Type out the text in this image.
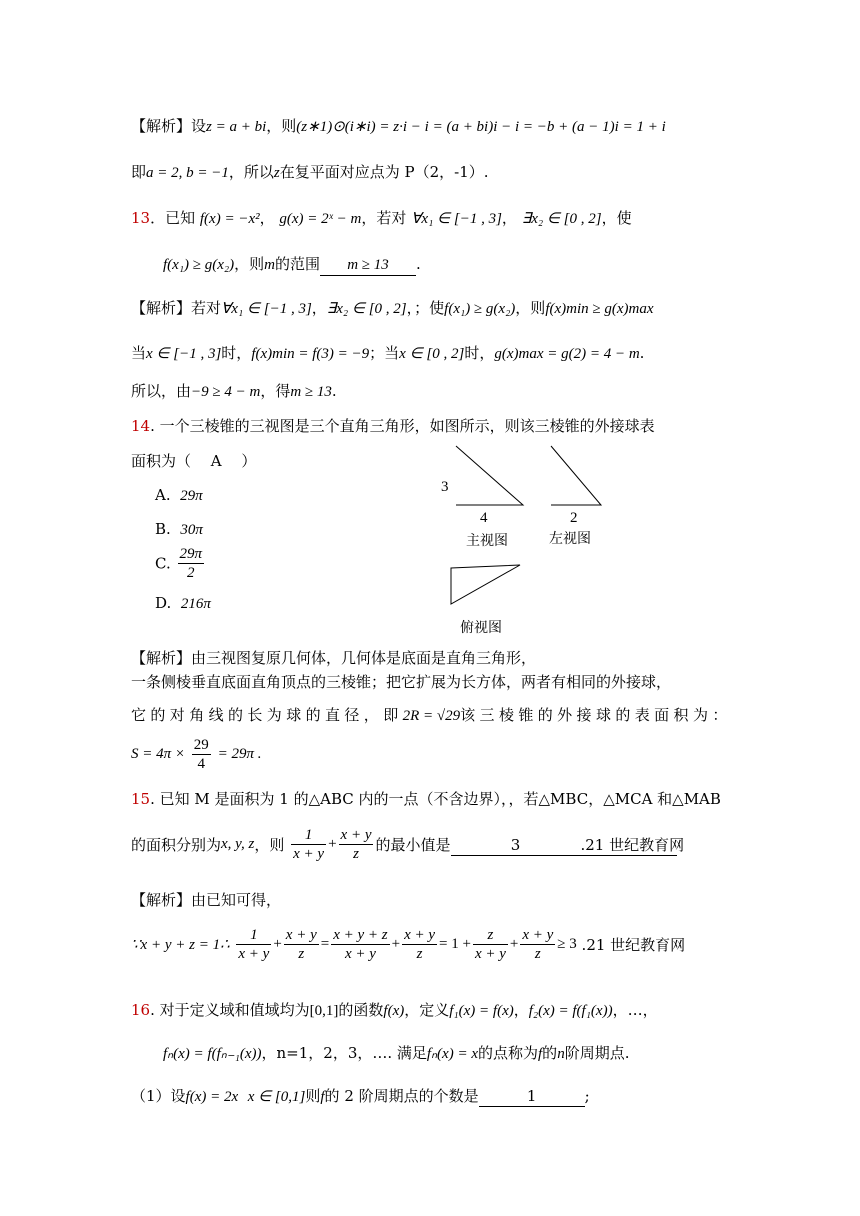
【解析】设z = a + bi，则(z∗1)⊙(i∗i) = z·i − i = (a + bi)i − i = −b + (a − 1)i = 1 + i
即a = 2, b = −1，所以z在复平面对应点为 P（2，-1）.
13．已知 f(x) = −x²， g(x) = 2ˣ − m，若对 ∀x₁ ∈ [−1 , 3]， ∃x₂ ∈ [0 , 2]，使
f(x₁) ≥ g(x₂)，则m的范围 m ≥ 13 .
【解析】若对∀x₁ ∈ [−1 , 3]，∃x₂ ∈ [0 , 2]，；使f(x₁) ≥ g(x₂)，则f(x)min ≥ g(x)max
当x ∈ [−1 , 3]时，f(x)min = f(3) = −9；当x ∈ [0 , 2]时，g(x)max = g(2) = 4 − m.
所以，由−9 ≥ 4 − m，得m ≥ 13.
14. 一个三棱锥的三视图是三个直角三角形，如图所示，则该三棱锥的外接球表
面积为（　 A　 ）
A. 29π
B. 30π
C. $\frac{29\pi}{2}$
D. 216π
3
4	2
主视图	左视图
俯视图
【解析】由三视图复原几何体，几何体是底面是直角三角形，
一条侧棱垂直底面直角顶点的三棱锥；把它扩展为长方体，两者有相同的外接球，
它的对角线的长为球的直径，即2R = √29该三棱锥的外接球的表面积为：
$S = 4\pi \times \frac{29}{4} = 29\pi$ .
15. 已知 M 是面积为 1 的△ABC 内的一点（不含边界），，若△MBC，△MCA 和△MAB
的面积分别为x, y, z，则 $\frac{1}{x + y} + \frac{x + y}{z}$ 的最小值是	3	.21 世纪教育网
【解析】由已知可得，
∵x + y + z = 1∴ $\frac{1}{x + y} + \frac{x + y}{z} = \frac{x + y + z}{x + y} + \frac{x + y}{z} = 1 + \frac{z}{x + y} + \frac{x + y}{z} \ge 3$ .21 世纪教育网
16. 对于定义域和值域均为[0,1]的函数f(x)，定义f₁(x) = f(x)，f₂(x) = f(f₁(x))，…，
fₙ(x) = f(fₙ₋₁(x))，n=1，2，3，…. 满足fₙ(x) = x的点称为f的n阶周期点.
（1）设f(x) = 2x x ∈ [0,1]则f的 2 阶周期点的个数是	1	;
